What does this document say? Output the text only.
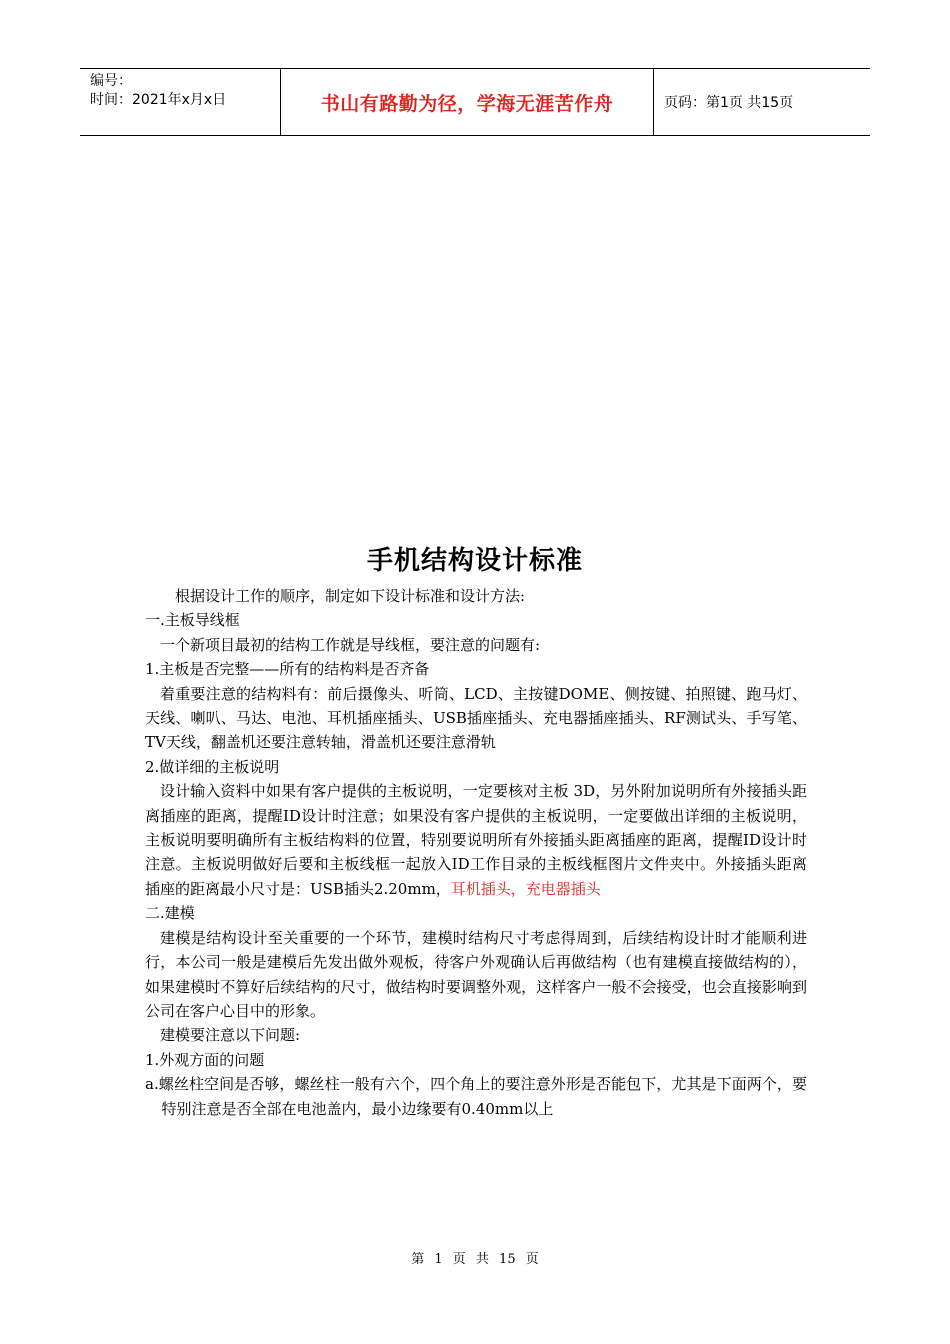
编号：
时间：2021年x月x日	书山有路勤为径，学海无涯苦作舟	页码：第1页 共15页
手机结构设计标准

根据设计工作的顺序，制定如下设计标准和设计方法:

一.主板导线框

一个新项目最初的结构工作就是导线框，要注意的问题有:

1.主板是否完整——所有的结构料是否齐备

着重要注意的结构料有：前后摄像头、听筒、LCD、主按键DOME、侧按键、拍照键、跑马灯、天线、喇叭、马达、电池、耳机插座插头、USB插座插头、充电器插座插头、RF测试头、手写笔、TV天线，翻盖机还要注意转轴，滑盖机还要注意滑轨

2.做详细的主板说明

设计输入资料中如果有客户提供的主板说明，一定要核对主板 3D，另外附加说明所有外接插头距离插座的距离，提醒ID设计时注意；如果没有客户提供的主板说明，一定要做出详细的主板说明，主板说明要明确所有主板结构料的位置，特别要说明所有外接插头距离插座的距离，提醒ID设计时注意。主板说明做好后要和主板线框一起放入ID工作目录的主板线框图片文件夹中。外接插头距离插座的距离最小尺寸是：USB插头2.20mm，耳机插头，充电器插头

二.建模

建模是结构设计至关重要的一个环节，建模时结构尺寸考虑得周到，后续结构设计时才能顺利进行，本公司一般是建模后先发出做外观板，待客户外观确认后再做结构（也有建模直接做结构的），如果建模时不算好后续结构的尺寸，做结构时要调整外观，这样客户一般不会接受，也会直接影响到公司在客户心目中的形象。

建模要注意以下问题:

1.外观方面的问题

a.螺丝柱空间是否够，螺丝柱一般有六个，四个角上的要注意外形是否能包下，尤其是下面两个，要特别注意是否全部在电池盖内，最小边缘要有0.40mm以上

第 1 页 共 15 页
